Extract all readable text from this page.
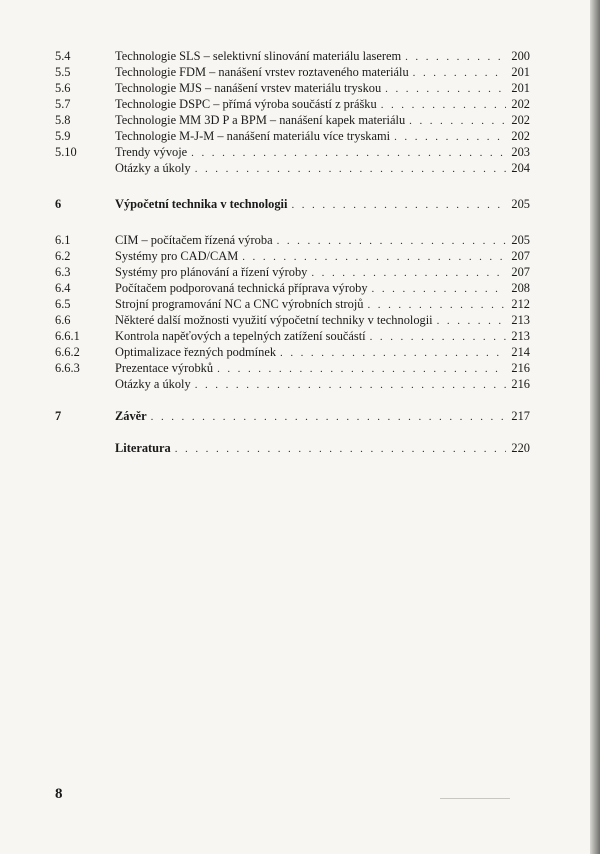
5.4	Technologie SLS – selektivní slinování materiálu laserem . . .	200
5.5	Technologie FDM – nanášení vrstev roztaveného materiálu . . .	201
5.6	Technologie MJS – nanášení vrstev materiálu tryskou . . .	201
5.7	Technologie DSPC – přímá výroba součástí z prášku . . .	202
5.8	Technologie MM 3D P a BPM – nanášení kapek materiálu . . .	202
5.9	Technologie M-J-M – nanášení materiálu více tryskami . . .	202
5.10	Trendy vývoje . . .	203
Otázky a úkoly . . .	204
6	Výpočetní technika v technologii . . .	205
6.1	CIM – počítačem řízená výroba . . .	205
6.2	Systémy pro CAD/CAM . . .	207
6.3	Systémy pro plánování a řízení výroby . . .	207
6.4	Počítačem podporovaná technická příprava výroby . . .	208
6.5	Strojní programování NC a CNC výrobních strojů . . .	212
6.6	Některé další možnosti využití výpočetní techniky v technologii . . .	213
6.6.1	Kontrola napěťových a tepelných zatížení součástí . . .	213
6.6.2	Optimalizace řezných podmínek . . .	214
6.6.3	Prezentace výrobků . . .	216
Otázky a úkoly . . .	216
7	Závěr . . .	217
Literatura . . .	220
8
